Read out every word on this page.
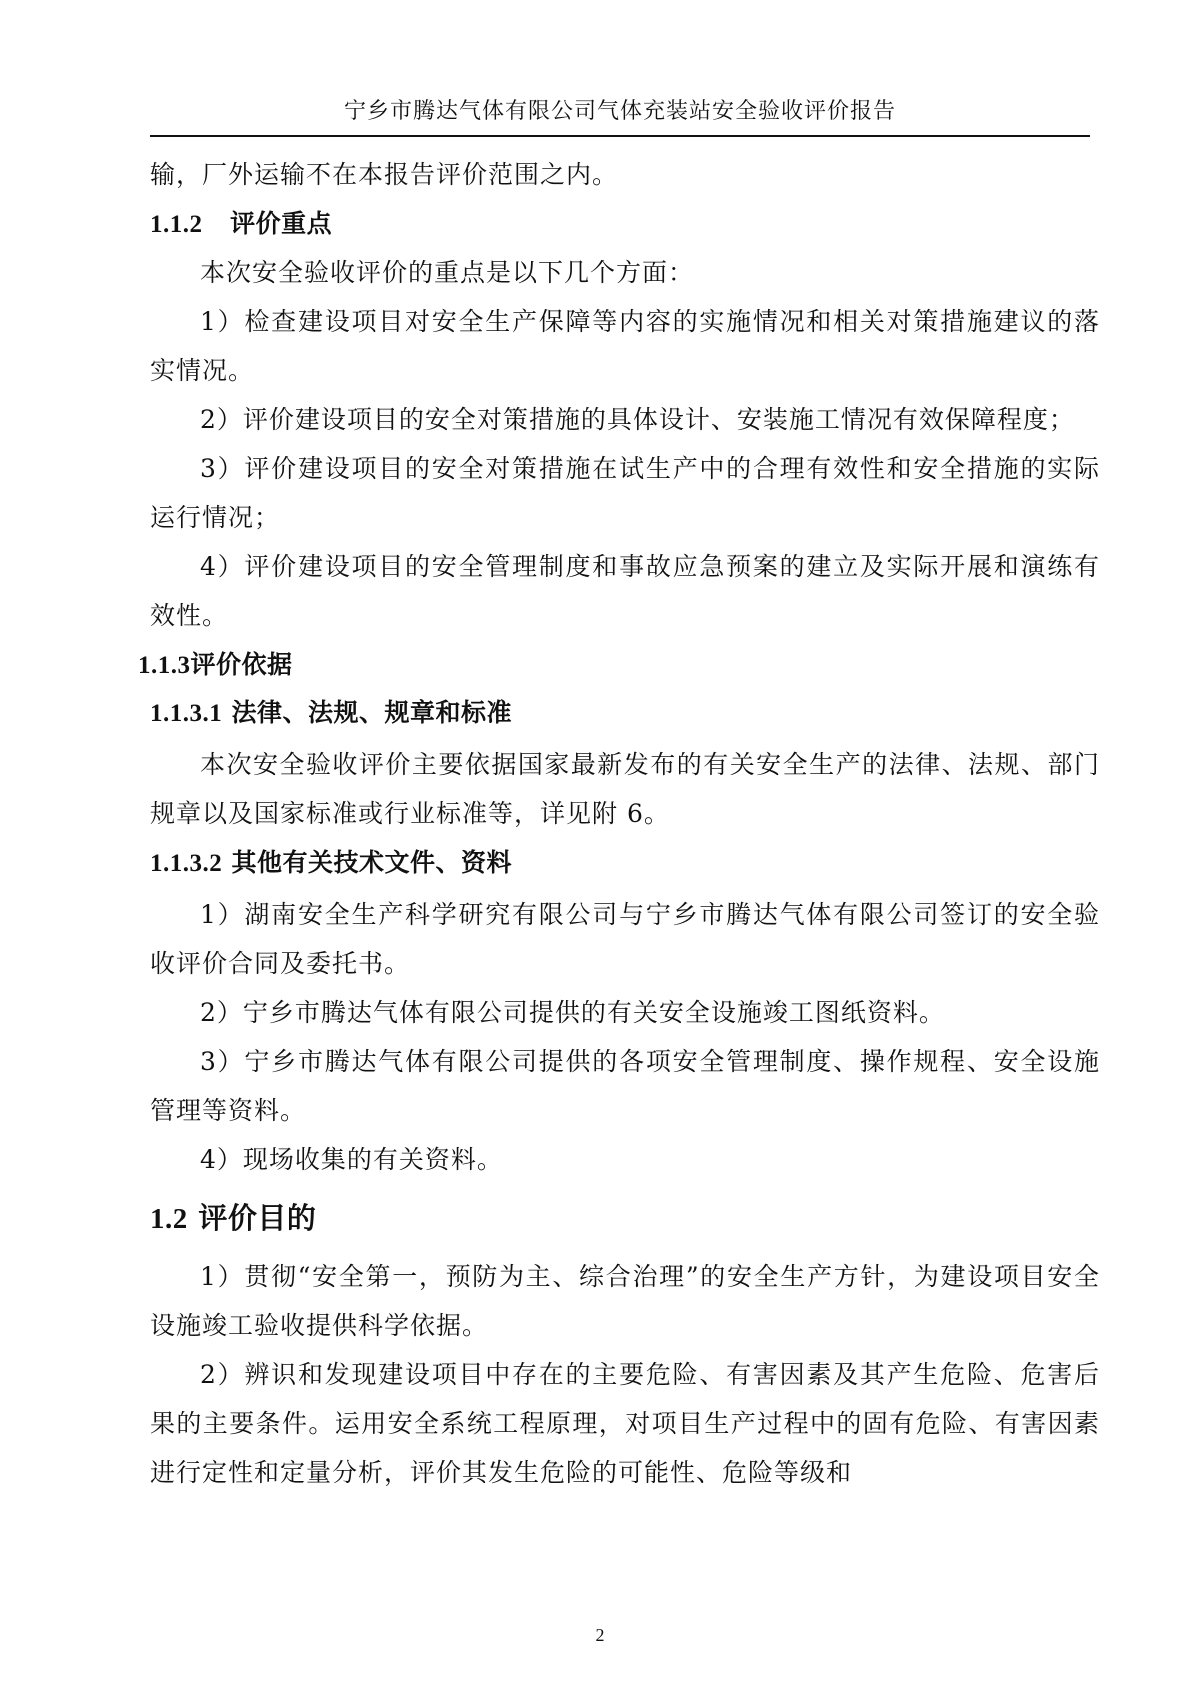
宁乡市腾达气体有限公司气体充装站安全验收评价报告

输，厂外运输不在本报告评价范围之内。

1.1.2 评价重点

本次安全验收评价的重点是以下几个方面：

1）检查建设项目对安全生产保障等内容的实施情况和相关对策措施建议的落实情况。

2）评价建设项目的安全对策措施的具体设计、安装施工情况有效保障程度；

3）评价建设项目的安全对策措施在试生产中的合理有效性和安全措施的实际运行情况；

4）评价建设项目的安全管理制度和事故应急预案的建立及实际开展和演练有效性。

1.1.3评价依据
1.1.3.1 法律、法规、规章和标准

本次安全验收评价主要依据国家最新发布的有关安全生产的法律、法规、部门规章以及国家标准或行业标准等，详见附 6。

1.1.3.2 其他有关技术文件、资料

1）湖南安全生产科学研究有限公司与宁乡市腾达气体有限公司签订的安全验收评价合同及委托书。

2）宁乡市腾达气体有限公司提供的有关安全设施竣工图纸资料。

3）宁乡市腾达气体有限公司提供的各项安全管理制度、操作规程、安全设施管理等资料。

4）现场收集的有关资料。

1.2 评价目的

1）贯彻“安全第一，预防为主、综合治理”的安全生产方针，为建设项目安全设施竣工验收提供科学依据。

2）辨识和发现建设项目中存在的主要危险、有害因素及其产生危险、危害后果的主要条件。运用安全系统工程原理，对项目生产过程中的固有危险、有害因素进行定性和定量分析，评价其发生危险的可能性、危险等级和

2
